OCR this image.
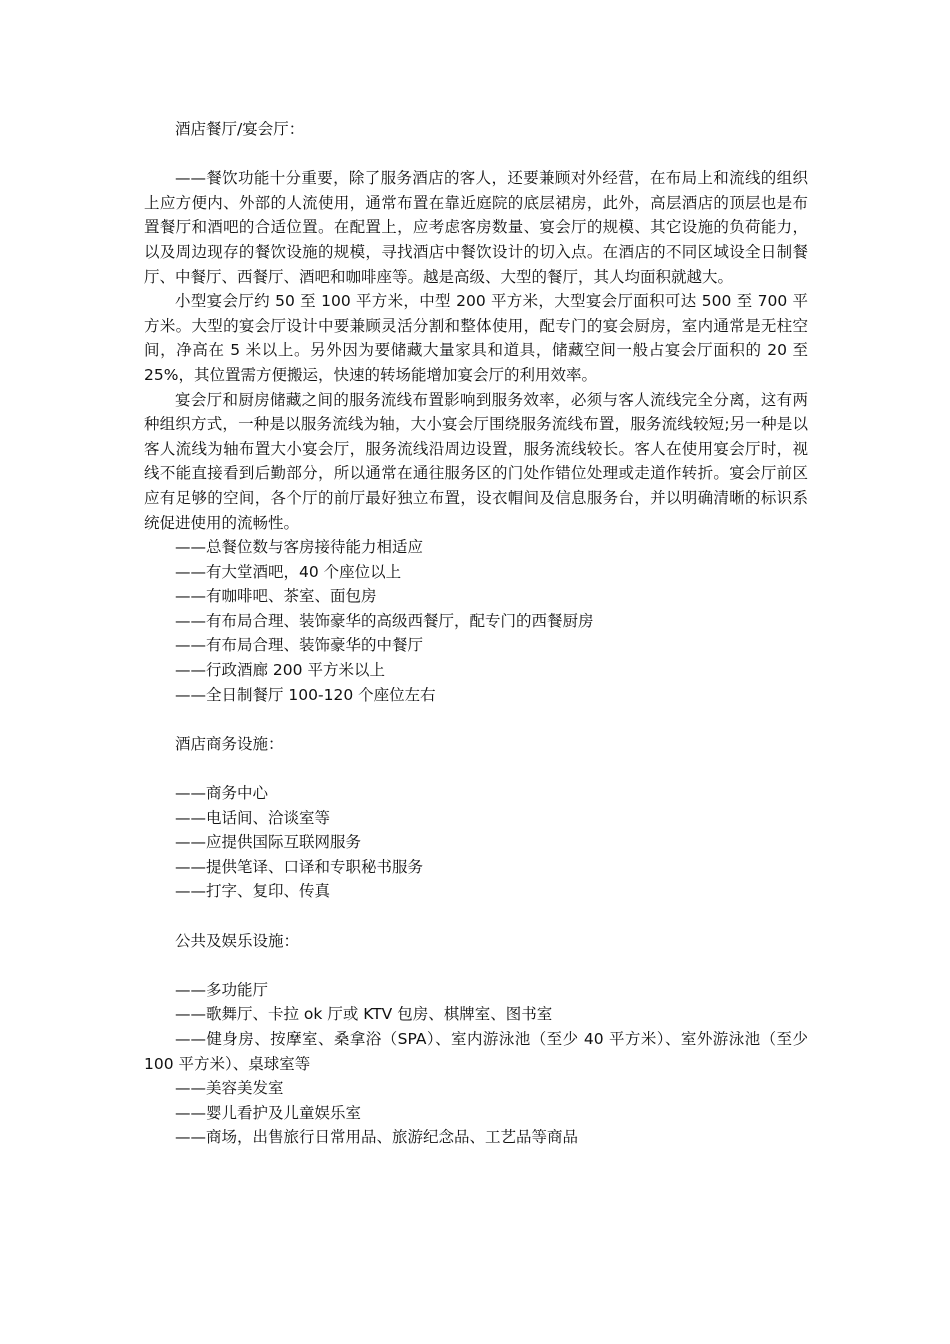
酒店餐厅/宴会厅：

——餐饮功能十分重要，除了服务酒店的客人，还要兼顾对外经营，在布局上和流线的组织上应方便内、外部的人流使用，通常布置在靠近庭院的底层裙房，此外，高层酒店的顶层也是布置餐厅和酒吧的合适位置。在配置上，应考虑客房数量、宴会厅的规模、其它设施的负荷能力，以及周边现存的餐饮设施的规模，寻找酒店中餐饮设计的切入点。在酒店的不同区域设全日制餐厅、中餐厅、西餐厅、酒吧和咖啡座等。越是高级、大型的餐厅，其人均面积就越大。

小型宴会厅约 50 至 100 平方米，中型 200 平方米，大型宴会厅面积可达 500 至 700 平方米。大型的宴会厅设计中要兼顾灵活分割和整体使用，配专门的宴会厨房，室内通常是无柱空间，净高在 5 米以上。另外因为要储藏大量家具和道具，储藏空间一般占宴会厅面积的 20 至 25%，其位置需方便搬运，快速的转场能增加宴会厅的利用效率。

宴会厅和厨房储藏之间的服务流线布置影响到服务效率，必须与客人流线完全分离，这有两种组织方式，一种是以服务流线为轴，大小宴会厅围绕服务流线布置，服务流线较短;另一种是以客人流线为轴布置大小宴会厅，服务流线沿周边设置，服务流线较长。客人在使用宴会厅时，视线不能直接看到后勤部分，所以通常在通往服务区的门处作错位处理或走道作转折。宴会厅前区应有足够的空间，各个厅的前厅最好独立布置，设衣帽间及信息服务台，并以明确清晰的标识系统促进使用的流畅性。

——总餐位数与客房接待能力相适应
——有大堂酒吧，40 个座位以上
——有咖啡吧、茶室、面包房
——有布局合理、装饰豪华的高级西餐厅，配专门的西餐厨房
——有布局合理、装饰豪华的中餐厅
——行政酒廊 200 平方米以上
——全日制餐厅 100-120 个座位左右

酒店商务设施：

——商务中心
——电话间、洽谈室等
——应提供国际互联网服务
——提供笔译、口译和专职秘书服务
——打字、复印、传真

公共及娱乐设施：

——多功能厅
——歌舞厅、卡拉 ok 厅或 KTV 包房、棋牌室、图书室
——健身房、按摩室、桑拿浴（SPA）、室内游泳池（至少 40 平方米）、室外游泳池（至少 100 平方米）、桌球室等
——美容美发室
——婴儿看护及儿童娱乐室
——商场，出售旅行日常用品、旅游纪念品、工艺品等商品
